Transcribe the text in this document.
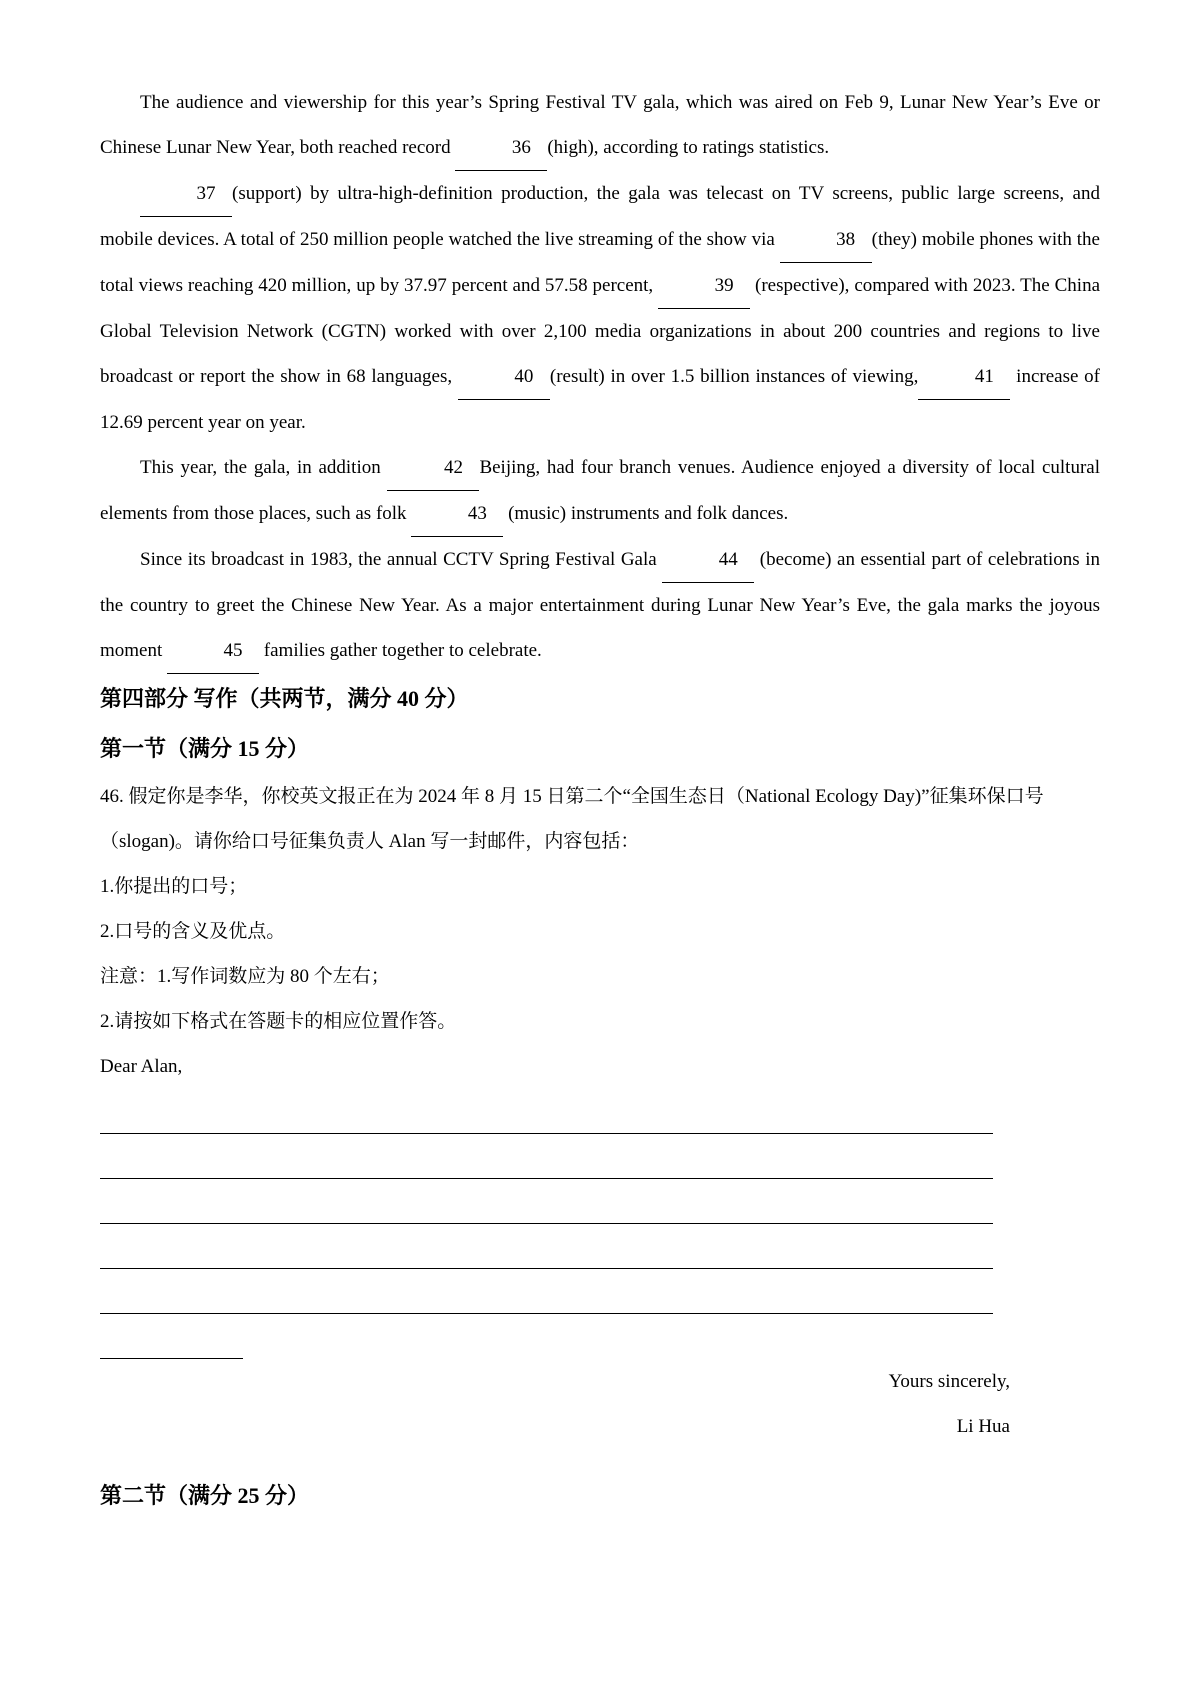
The audience and viewership for this year’s Spring Festival TV gala, which was aired on Feb 9, Lunar New Year’s Eve or Chinese Lunar New Year, both reached record	36 (high), according to ratings statistics.

37 (support) by ultra-high-definition production, the gala was telecast on TV screens, public large screens, and mobile devices. A total of 250 million people watched the live streaming of the show via	38 (they) mobile phones with the total views reaching 420 million, up by 37.97 percent and 57.58 percent,	39 (respective), compared with 2023. The China Global Television Network (CGTN) worked with over 2,100 media organizations in about 200 countries and regions to live broadcast or report the show in 68 languages,	40 (result) in over 1.5 billion instances of viewing,	41 increase of 12.69 percent year on year.

This year, the gala, in addition	42 Beijing, had four branch venues. Audience enjoyed a diversity of local cultural elements from those places, such as folk	43 (music) instruments and folk dances.

Since its broadcast in 1983, the annual CCTV Spring Festival Gala	44 (become) an essential part of celebrations in the country to greet the Chinese New Year. As a major entertainment during Lunar New Year’s Eve, the gala marks the joyous moment	45 families gather together to celebrate.

第四部分 写作（共两节，满分 40 分）
第一节（满分 15 分）

46. 假定你是李华，你校英文报正在为 2024 年 8 月 15 日第二个“全国生态日（National Ecology Day)”征集环保口号（slogan)。请你给口号征集负责人 Alan 写一封邮件，内容包括：

1.你提出的口号；

2.口号的含义及优点。

注意：1.写作词数应为 80 个左右；

2.请按如下格式在答题卡的相应位置作答。

Dear Alan,

Yours sincerely,

Li Hua

第二节（满分 25 分）
